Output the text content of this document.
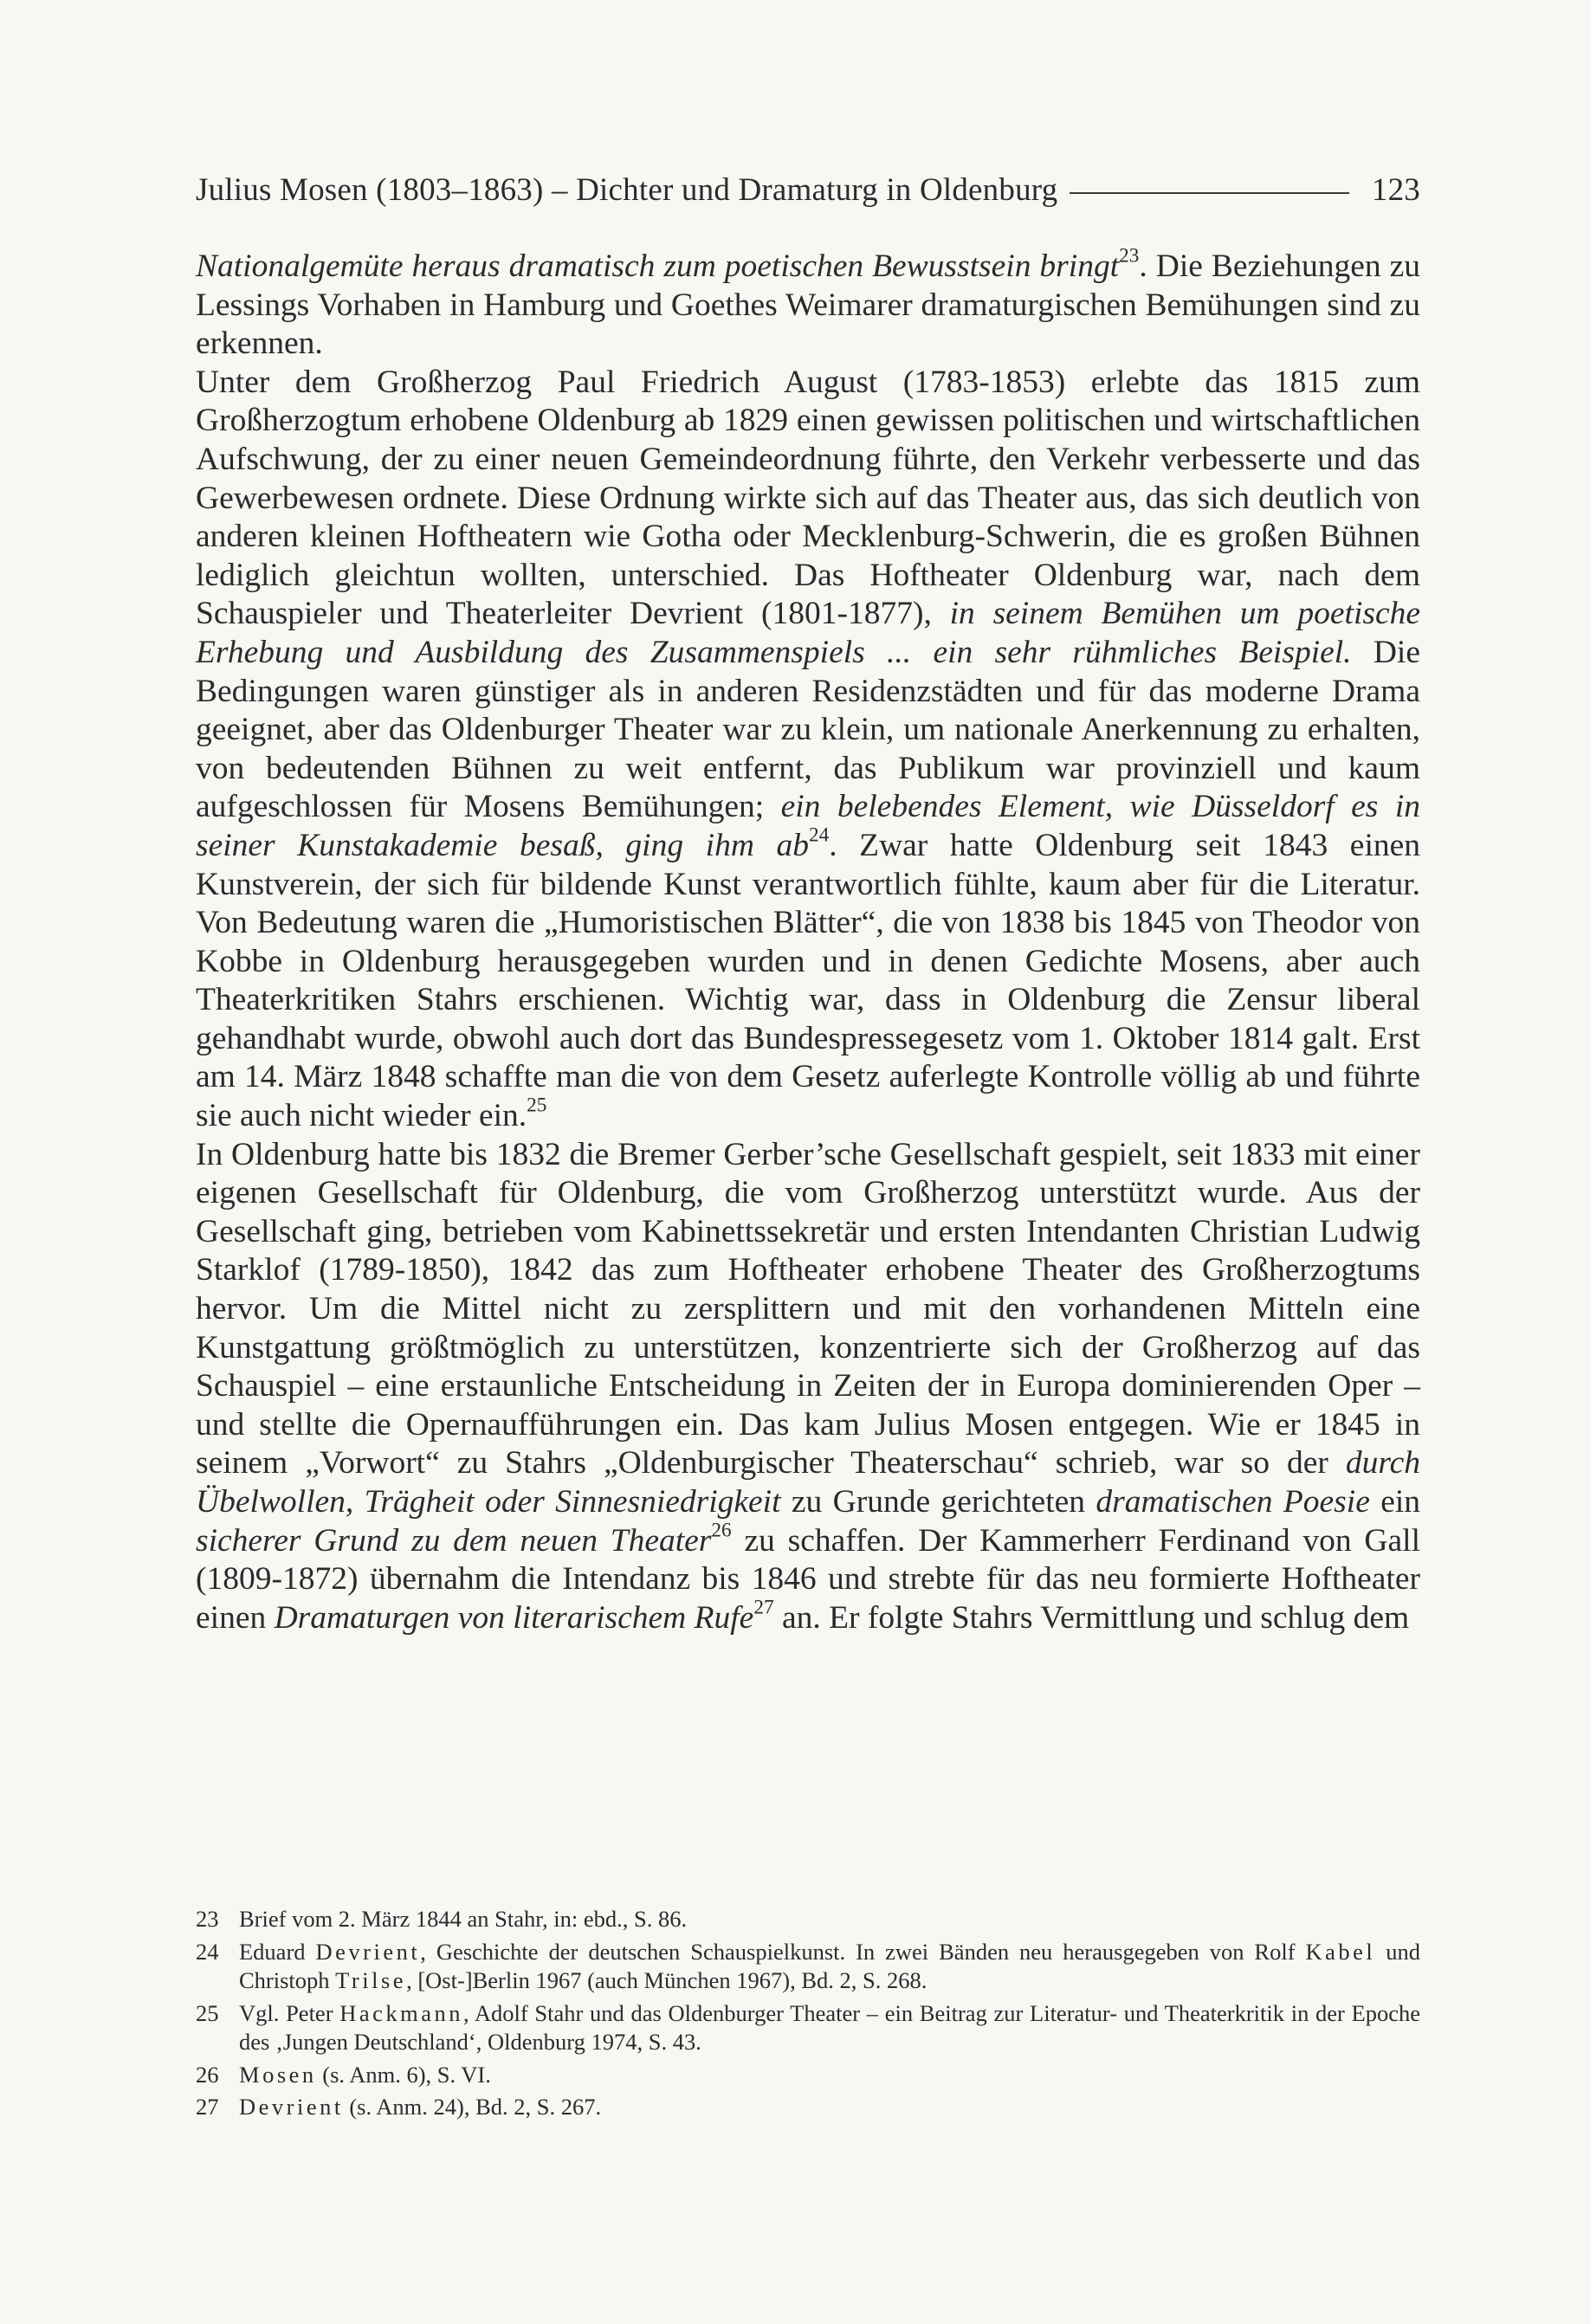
Julius Mosen (1803–1863) – Dichter und Dramaturg in Oldenburg	123

Nationalgemüte heraus dramatisch zum poetischen Bewusstsein bringt$^{23}$. Die Beziehungen zu Lessings Vorhaben in Hamburg und Goethes Weimarer dramaturgischen Bemühungen sind zu erkennen.

Unter dem Großherzog Paul Friedrich August (1783-1853) erlebte das 1815 zum Großherzogtum erhobene Oldenburg ab 1829 einen gewissen politischen und wirtschaftlichen Aufschwung, der zu einer neuen Gemeindeordnung führte, den Verkehr verbesserte und das Gewerbewesen ordnete. Diese Ordnung wirkte sich auf das Theater aus, das sich deutlich von anderen kleinen Hoftheatern wie Gotha oder Mecklenburg-Schwerin, die es großen Bühnen lediglich gleichtun wollten, unterschied. Das Hoftheater Oldenburg war, nach dem Schauspieler und Theaterleiter Devrient (1801-1877), in seinem Bemühen um poetische Erhebung und Ausbildung des Zusammenspiels ... ein sehr rühmliches Beispiel. Die Bedingungen waren günstiger als in anderen Residenzstädten und für das moderne Drama geeignet, aber das Oldenburger Theater war zu klein, um nationale Anerkennung zu erhalten, von bedeutenden Bühnen zu weit entfernt, das Publikum war provinziell und kaum aufgeschlossen für Mosens Bemühungen; ein belebendes Element, wie Düsseldorf es in seiner Kunstakademie besaß, ging ihm $ab^{24}$. Zwar hatte Oldenburg seit 1843 einen Kunstverein, der sich für bildende Kunst verantwortlich fühlte, kaum aber für die Literatur. Von Bedeutung waren die „Humoristischen Blätter“, die von 1838 bis 1845 von Theodor von Kobbe in Oldenburg herausgegeben wurden und in denen Gedichte Mosens, aber auch Theaterkritiken Stahrs erschienen. Wichtig war, dass in Oldenburg die Zensur liberal gehandhabt wurde, obwohl auch dort das Bundespressegesetz vom 1. Oktober 1814 galt. Erst am 14. März 1848 schaffte man die von dem Gesetz auferlegte Kontrolle völlig ab und führte sie auch nicht wieder ein.$^{25}$

In Oldenburg hatte bis 1832 die Bremer Gerber’sche Gesellschaft gespielt, seit 1833 mit einer eigenen Gesellschaft für Oldenburg, die vom Großherzog unterstützt wurde. Aus der Gesellschaft ging, betrieben vom Kabinettssekretär und ersten Intendanten Christian Ludwig Starklof (1789-1850), 1842 das zum Hoftheater erhobene Theater des Großherzogtums hervor. Um die Mittel nicht zu zersplittern und mit den vorhandenen Mitteln eine Kunstgattung größtmöglich zu unterstützen, konzentrierte sich der Großherzog auf das Schauspiel – eine erstaunliche Entscheidung in Zeiten der in Europa dominierenden Oper – und stellte die Opernaufführungen ein. Das kam Julius Mosen entgegen. Wie er 1845 in seinem „Vorwort“ zu Stahrs „Oldenburgischer Theaterschau“ schrieb, war so der durch Übelwollen, Trägheit oder Sinnesniedrigkeit zu Grunde gerichteten dramatischen Poesie ein sicherer Grund zu dem neuen Theater$^{26}$ zu schaffen. Der Kammerherr Ferdinand von Gall (1809-1872) übernahm die Intendanz bis 1846 und strebte für das neu formierte Hoftheater einen Dramaturgen von literarischem Rufe$^{27}$ an. Er folgte Stahrs Vermittlung und schlug dem

23 Brief vom 2. März 1844 an Stahr, in: ebd., S. 86.
24 Eduard Devrient, Geschichte der deutschen Schauspielkunst. In zwei Bänden neu herausgegeben von Rolf Kabel und Christoph Trilse, [Ost-]Berlin 1967 (auch München 1967), Bd. 2, S. 268.
25 Vgl. Peter Hackmann, Adolf Stahr und das Oldenburger Theater – ein Beitrag zur Literatur- und Theaterkritik in der Epoche des ‚Jungen Deutschland‘, Oldenburg 1974, S. 43.
26 Mosen (s. Anm. 6), S. VI.
27 Devrient (s. Anm. 24), Bd. 2, S. 267.
